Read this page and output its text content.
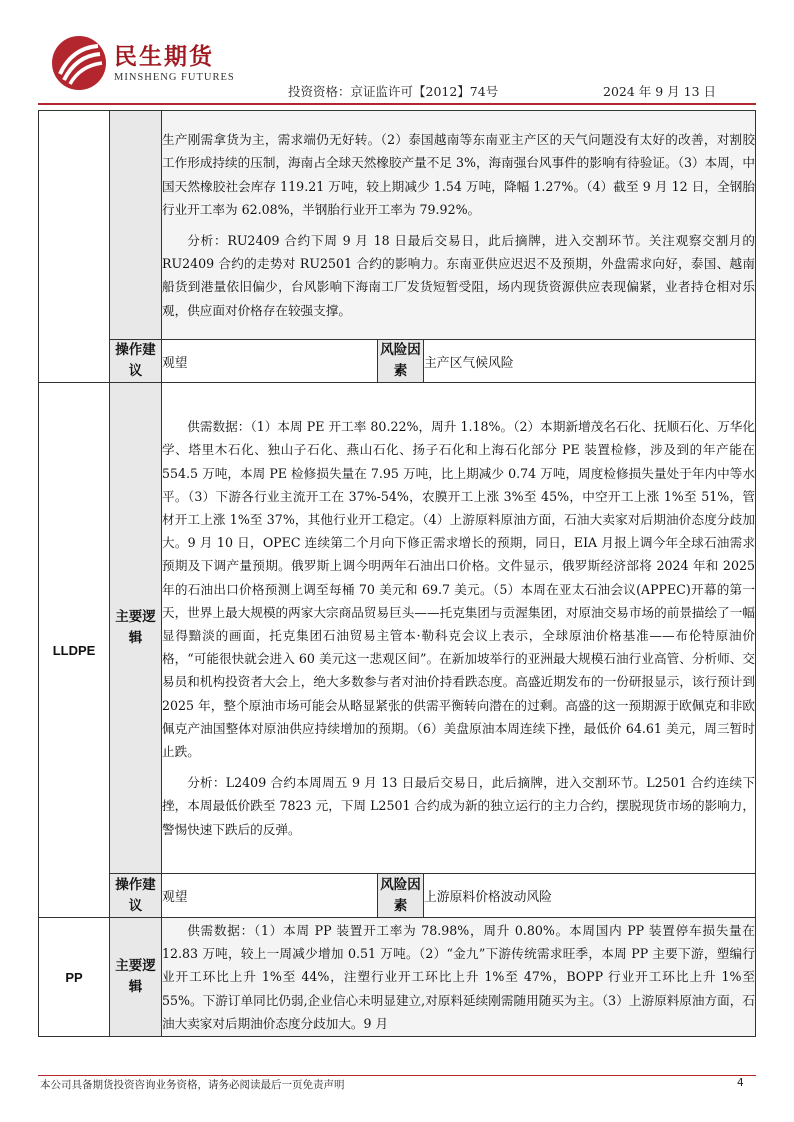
民生期货
MINSHENG FUTURES
投资资格：京证监许可【2012】74号	2024 年 9 月 13 日

		生产刚需拿货为主，需求端仍无好转。（2）泰国越南等东南亚主产区的天气问题没有太好的改善，对割胶工作形成持续的压制，海南占全球天然橡胶产量不足 3%，海南强台风事件的影响有待验证。（3）本周，中国天然橡胶社会库存 119.21 万吨，较上期减少 1.54 万吨，降幅 1.27%。（4）截至 9 月 12 日，全钢胎行业开工率为 62.08%，半钢胎行业开工率为 79.92%。

分析：RU2409 合约下周 9 月 18 日最后交易日，此后摘牌，进入交割环节。关注观察交割月的 RU2409 合约的走势对 RU2501 合约的影响力。东南亚供应迟迟不及预期，外盘需求向好，泰国、越南船货到港量依旧偏少，台风影响下海南工厂发货短暂受阻，场内现货资源供应表现偏紧，业者持仓相对乐观，供应面对价格存在较强支撑。		

	操作建议	观望	风险因素	主产区气候风险
LLDPE	主要逻辑	供需数据：（1）本周 PE 开工率 80.22%，周升 1.18%。（2）本期新增茂名石化、抚顺石化、万华化学、塔里木石化、独山子石化、燕山石化、扬子石化和上海石化部分 PE 装置检修，涉及到的年产能在 554.5 万吨，本周 PE 检修损失量在 7.95 万吨，比上期减少 0.74 万吨，周度检修损失量处于年内中等水平。（3）下游各行业主流开工在 37%-54%，农膜开工上涨 3%至 45%，中空开工上涨 1%至 51%，管材开工上涨 1%至 37%，其他行业开工稳定。（4）上游原料原油方面，石油大卖家对后期油价态度分歧加大。9 月 10 日，OPEC 连续第二个月向下修正需求增长的预期，同日，EIA 月报上调今年全球石油需求预期及下调产量预期。俄罗斯上调今明两年石油出口价格。文件显示，俄罗斯经济部将 2024 年和 2025 年的石油出口价格预测上调至每桶 70 美元和 69.7 美元。（5）本周在亚太石油会议(APPEC)开幕的第一天，世界上最大规模的两家大宗商品贸易巨头——托克集团与贡渥集团，对原油交易市场的前景描绘了一幅显得黯淡的画面，托克集团石油贸易主管本·勒科克会议上表示，全球原油价格基准——布伦特原油价格，“可能很快就会进入 60 美元这一悲观区间”。在新加坡举行的亚洲最大规模石油行业高管、分析师、交易员和机构投资者大会上，绝大多数参与者对油价持看跌态度。高盛近期发布的一份研报显示，该行预计到 2025 年，整个原油市场可能会从略显紧张的供需平衡转向潜在的过剩。高盛的这一预期源于欧佩克和非欧佩克产油国整体对原油供应持续增加的预期。（6）美盘原油本周连续下挫，最低价 64.61 美元，周三暂时止跌。

分析：L2409 合约本周周五 9 月 13 日最后交易日，此后摘牌，进入交割环节。L2501 合约连续下挫，本周最低价跌至 7823 元，下周 L2501 合约成为新的独立运行的主力合约，摆脱现货市场的影响力，警惕快速下跌后的反弹。		

	操作建议	观望	风险因素	上游原料价格波动风险
PP	主要逻辑	供需数据：（1）本周 PP 装置开工率为 78.98%，周升 0.80%。本周国内 PP 装置停车损失量在 12.83 万吨，较上一周减少增加 0.51 万吨。（2）“金九”下游传统需求旺季，本周 PP 主要下游，塑编行业开工环比上升 1%至 44%，注塑行业开工环比上升 1%至 47%，BOPP 行业开工环比上升 1%至 55%。下游订单同比仍弱,企业信心未明显建立,对原料延续刚需随用随买为主。（3）上游原料原油方面，石油大卖家对后期油价态度分歧加大。9 月		

本公司具备期货投资咨询业务资格，请务必阅读最后一页免责声明	4
